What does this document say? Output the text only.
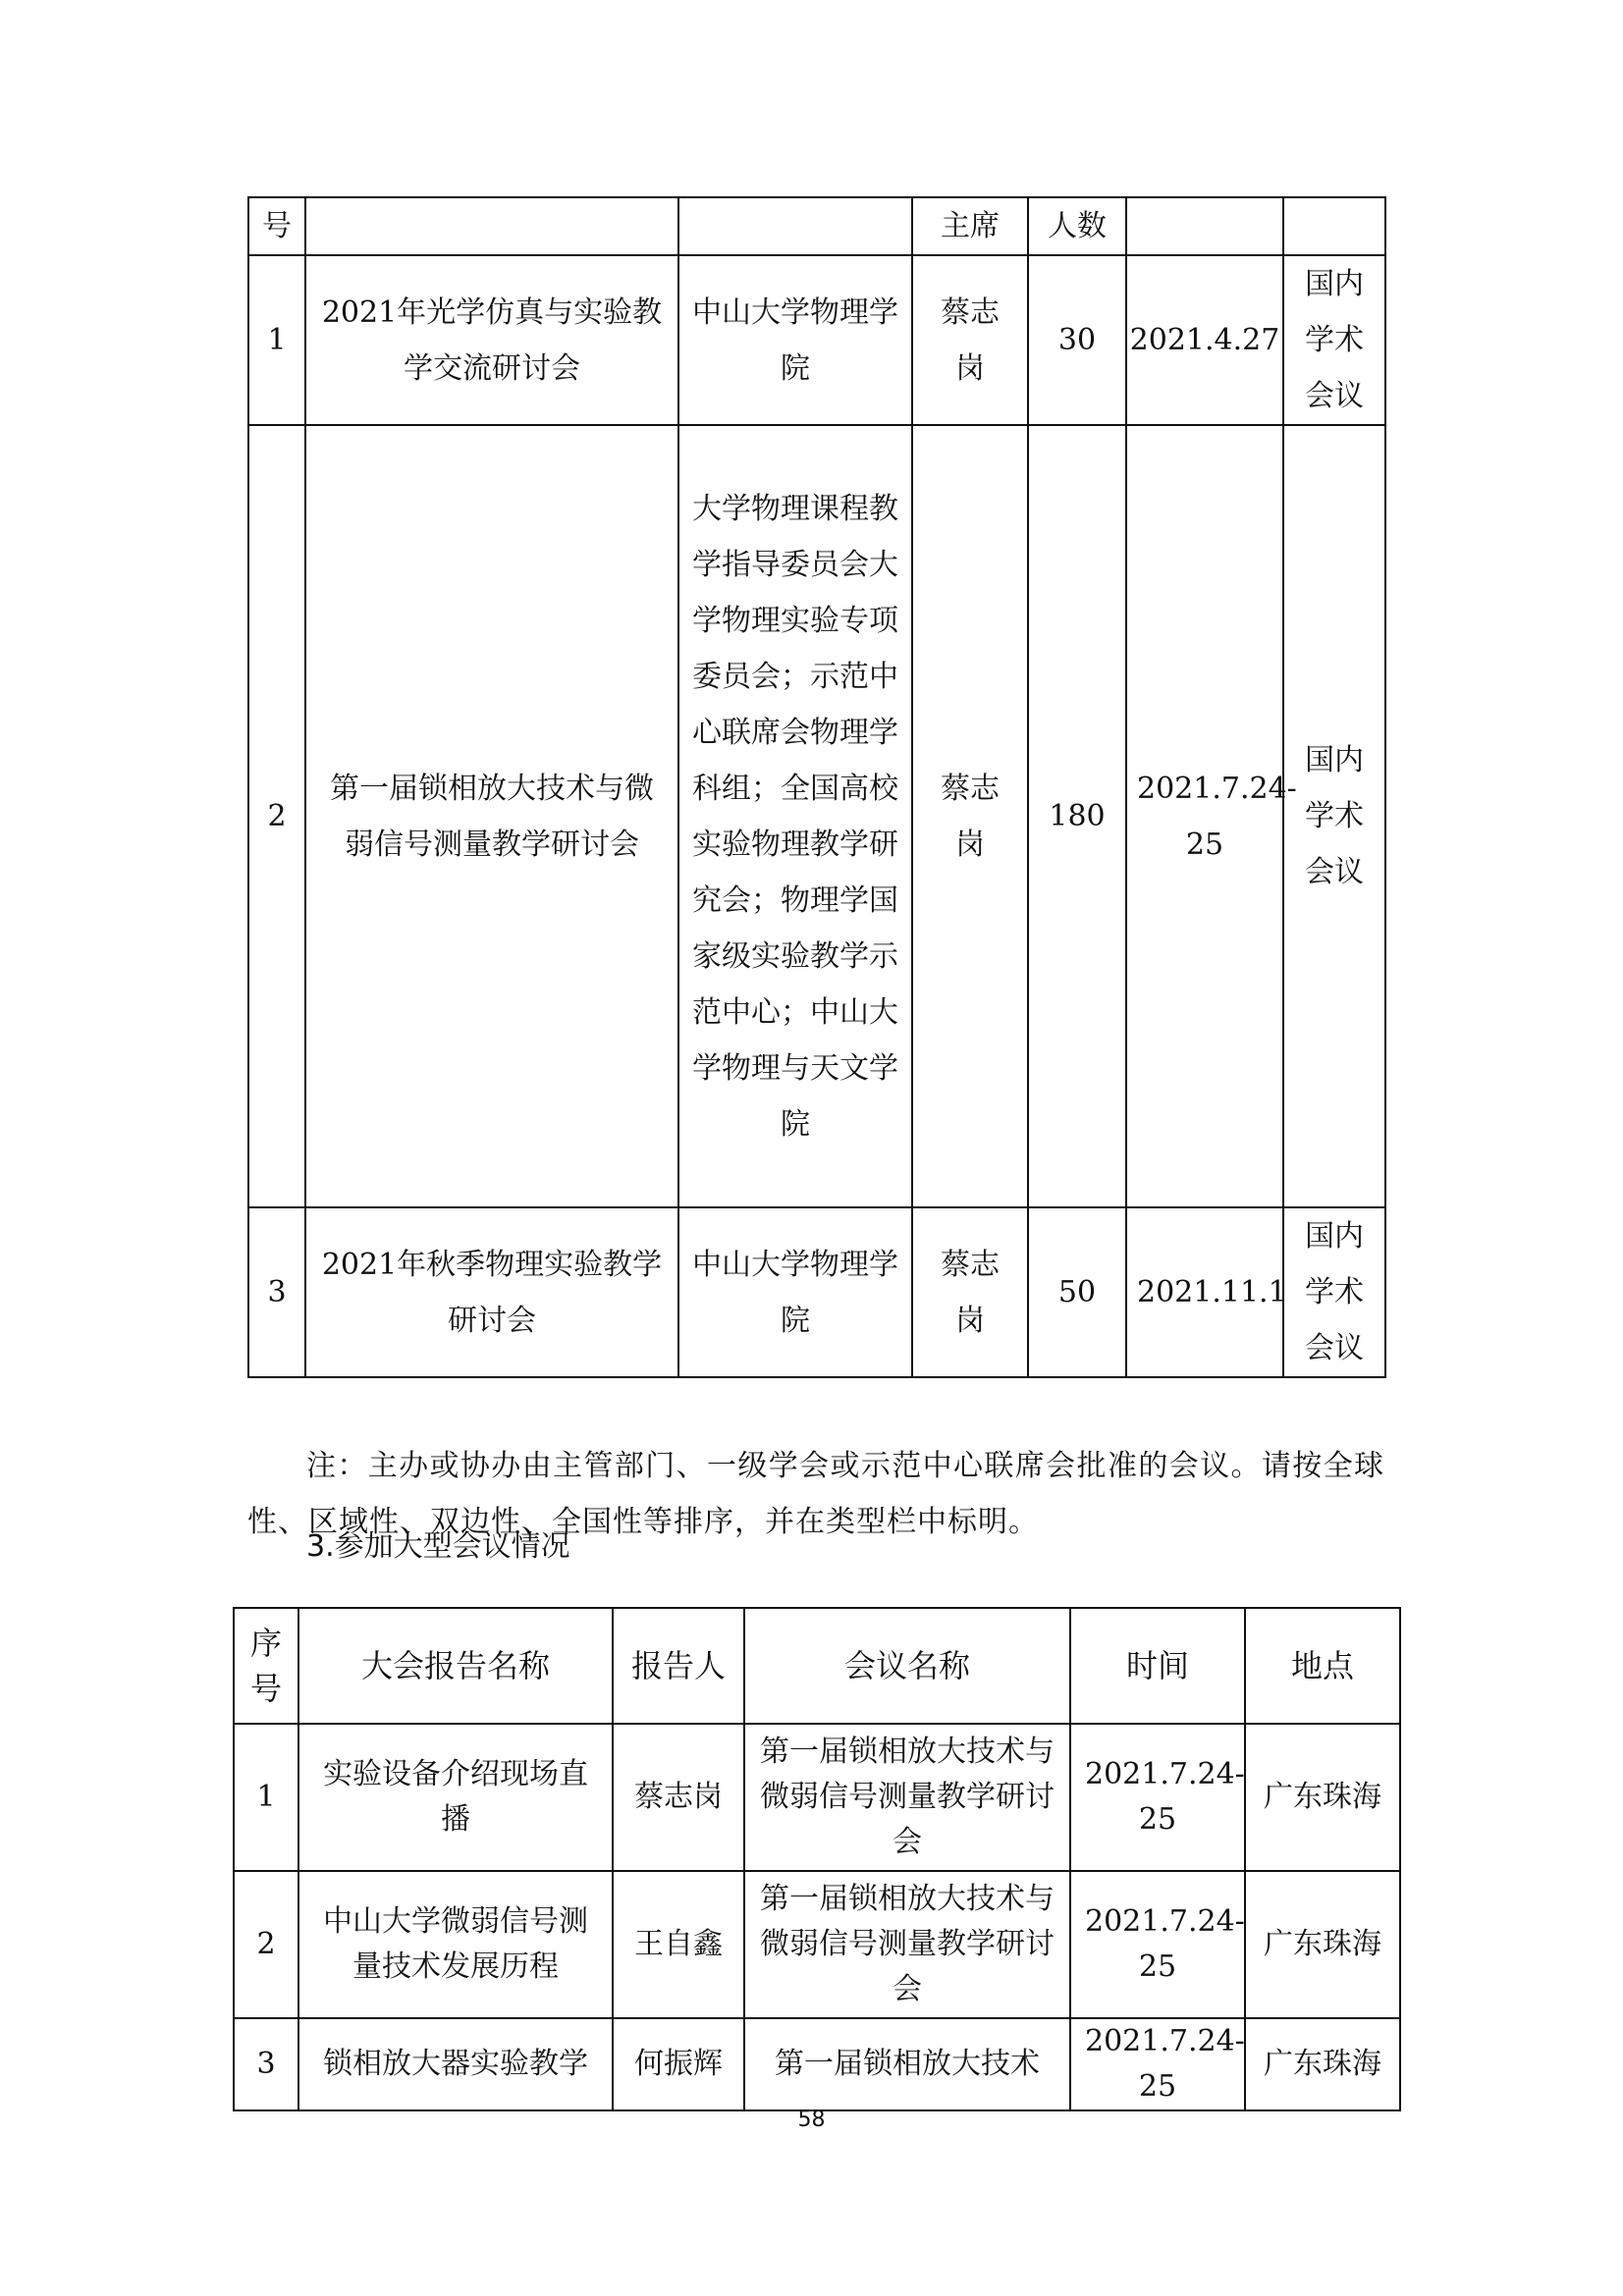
号			主席	人数		
1	2021年光学仿真与实验教学交流研讨会	中山大学物理学院	蔡志岗	30	2021.4.27	国内学术会议
2	第一届锁相放大技术与微弱信号测量教学研讨会	大学物理课程教学指导委员会大学物理实验专项委员会；示范中心联席会物理学科组；全国高校实验物理教学研究会；物理学国家级实验教学示范中心；中山大学物理与天文学院	蔡志岗	180	2021.7.24-25	国内学术会议
3	2021年秋季物理实验教学研讨会	中山大学物理学院	蔡志岗	50	2021.11.1	国内学术会议

注：主办或协办由主管部门、一级学会或示范中心联席会批准的会议。请按全球性、区域性、双边性、全国性等排序，并在类型栏中标明。

3.参加大型会议情况
序号	大会报告名称	报告人	会议名称	时间	地点
1	实验设备介绍现场直播	蔡志岗	第一届锁相放大技术与微弱信号测量教学研讨会	2021.7.24-25	广东珠海
2	中山大学微弱信号测量技术发展历程	王自鑫	第一届锁相放大技术与微弱信号测量教学研讨会	2021.7.24-25	广东珠海
3	锁相放大器实验教学	何振辉	第一届锁相放大技术	2021.7.24-25	广东珠海
58
